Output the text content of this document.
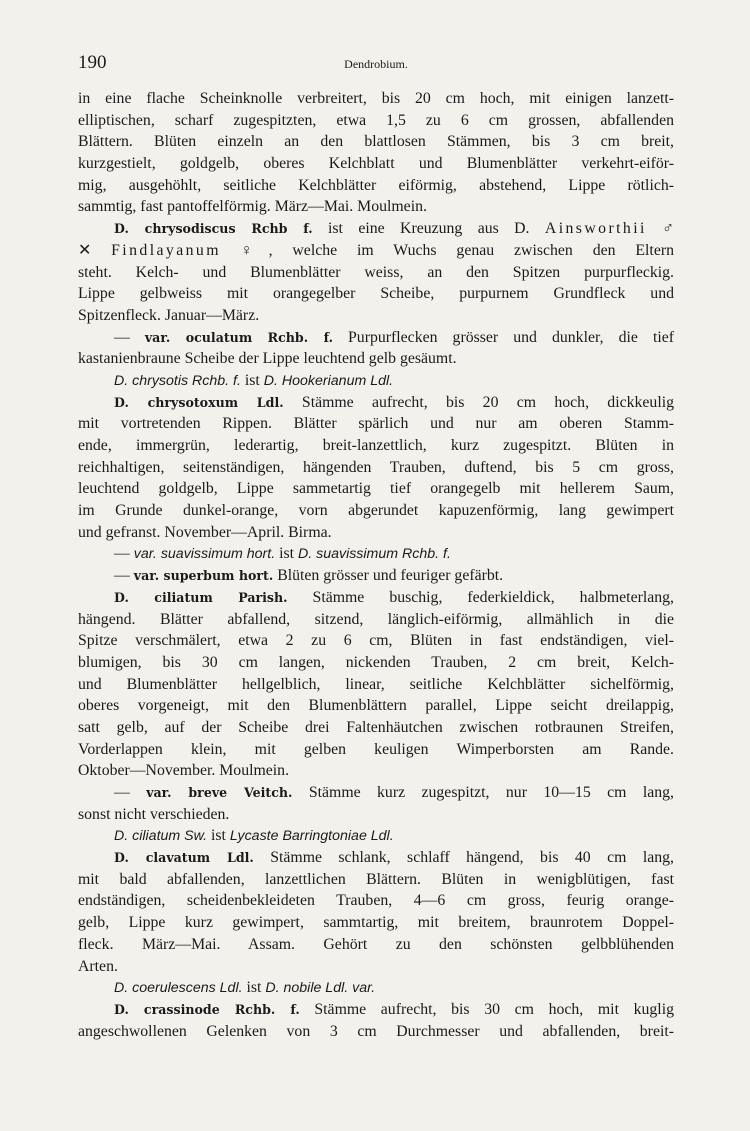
190	Dendrobium.
in eine flache Scheinknolle verbreitert, bis 20 cm hoch, mit einigen lanzett-
elliptischen, scharf zugespitzten, etwa 1,5 zu 6 cm grossen, abfallenden
Blättern. Blüten einzeln an den blattlosen Stämmen, bis 3 cm breit,
kurzgestielt, goldgelb, oberes Kelchblatt und Blumenblätter verkehrt-eiför-
mig, ausgehöhlt, seitliche Kelchblätter eiförmig, abstehend, Lippe rötlich-
sammtig, fast pantoffelförmig. März—Mai. Moulmein.
D. chrysodiscus Rchb f. ist eine Kreuzung aus D. Ainsworthii ♂
✕ Findlayanum ♀, welche im Wuchs genau zwischen den Eltern
steht. Kelch- und Blumenblätter weiss, an den Spitzen purpurfleckig.
Lippe gelbweiss mit orangegelber Scheibe, purpurnem Grundfleck und
Spitzenfleck. Januar—März.
— var. oculatum Rchb. f. Purpurflecken grösser und dunkler, die tief
kastanienbraune Scheibe der Lippe leuchtend gelb gesäumt.
D. chrysotis Rchb. f. ist D. Hookerianum Ldl.
D. chrysotoxum Ldl. Stämme aufrecht, bis 20 cm hoch, dickkeulig
mit vortretenden Rippen. Blätter spärlich und nur am oberen Stamm-
ende, immergrün, lederartig, breit-lanzettlich, kurz zugespitzt. Blüten in
reichhaltigen, seitenständigen, hängenden Trauben, duftend, bis 5 cm gross,
leuchtend goldgelb, Lippe sammetartig tief orangegelb mit hellerem Saum,
im Grunde dunkel-orange, vorn abgerundet kapuzenförmig, lang gewimpert
und gefranst. November—April. Birma.
— var. suavissimum hort. ist D. suavissimum Rchb. f.
— var. superbum hort. Blüten grösser und feuriger gefärbt.
D. ciliatum Parish. Stämme buschig, federkieldick, halbmeterlang,
hängend. Blätter abfallend, sitzend, länglich-eiförmig, allmählich in die
Spitze verschmälert, etwa 2 zu 6 cm, Blüten in fast endständigen, viel-
blumigen, bis 30 cm langen, nickenden Trauben, 2 cm breit, Kelch-
und Blumenblätter hellgelblich, linear, seitliche Kelchblätter sichelförmig,
oberes vorgeneigt, mit den Blumenblättern parallel, Lippe seicht dreilappig,
satt gelb, auf der Scheibe drei Faltenhäutchen zwischen rotbraunen Streifen,
Vorderlappen klein, mit gelben keuligen Wimperborsten am Rande.
Oktober—November. Moulmein.
— var. breve Veitch. Stämme kurz zugespitzt, nur 10—15 cm lang,
sonst nicht verschieden.
D. ciliatum Sw. ist Lycaste Barringtoniae Ldl.
D. clavatum Ldl. Stämme schlank, schlaff hängend, bis 40 cm lang,
mit bald abfallenden, lanzettlichen Blättern. Blüten in wenigblütigen, fast
endständigen, scheidenbekleideten Trauben, 4—6 cm gross, feurig orange-
gelb, Lippe kurz gewimpert, sammtartig, mit breitem, braunrotem Doppel-
fleck. März—Mai. Assam. Gehört zu den schönsten gelbblühenden
Arten.
D. coerulescens Ldl. ist D. nobile Ldl. var.
D. crassinode Rchb. f. Stämme aufrecht, bis 30 cm hoch, mit kuglig
angeschwollenen Gelenken von 3 cm Durchmesser und abfallenden, breit-
